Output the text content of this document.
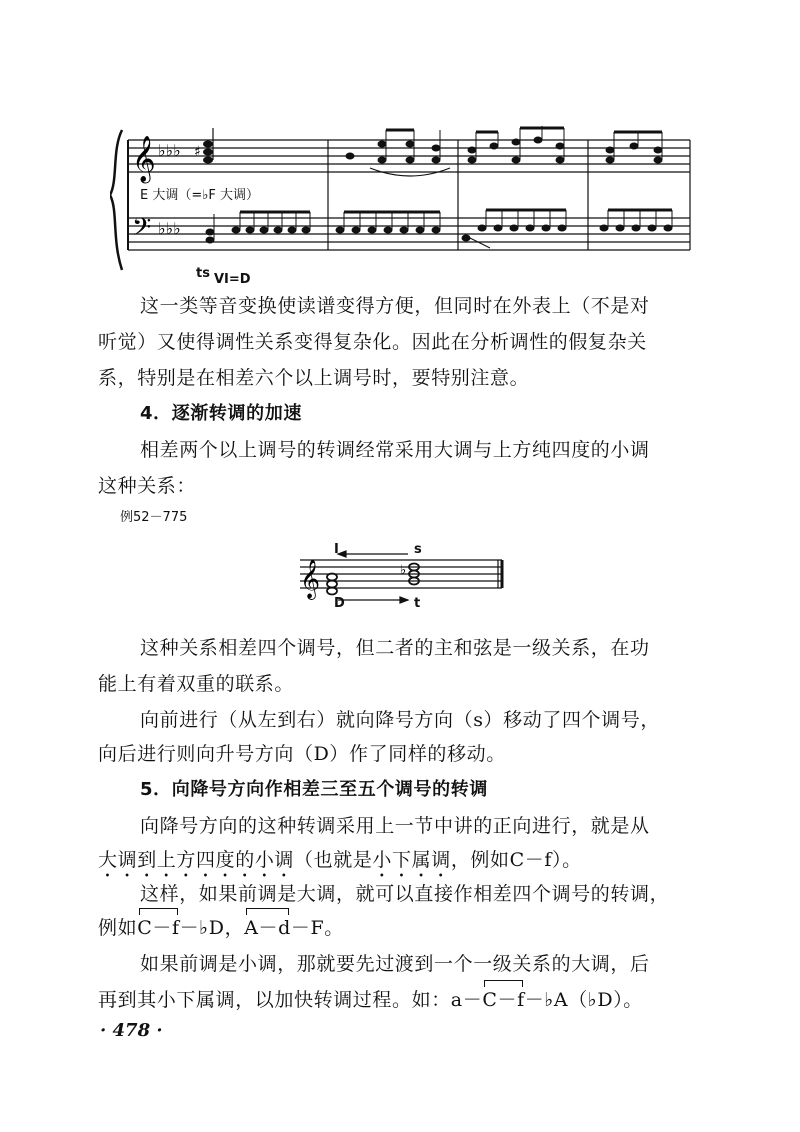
𝄞
𝄢
♭♭♭
♭♭♭
♯
E 大调（=♭F 大调）
ts VI=D
这一类等音变换使读谱变得方便，但同时在外表上（不是对
听觉）又使得调性关系变得复杂化。因此在分析调性的假复杂关
系，特别是在相差六个以上调号时，要特别注意。
4．逐渐转调的加速
相差两个以上调号的转调经常采用大调与上方纯四度的小调
这种关系：
例52－775
𝄞	♭
I	s
D	t
这种关系相差四个调号，但二者的主和弦是一级关系，在功
能上有着双重的联系。
向前进行（从左到右）就向降号方向（s）移动了四个调号，
向后进行则向升号方向（D）作了同样的移动。
5．向降号方向作相差三至五个调号的转调
向降号方向的这种转调采用上一节中讲的正向进行，就是从
大调到上方四度的小调（也就是小下属调，例如C－f）。
这样，如果前调是大调，就可以直接作相差四个调号的转调，
例如C－f－♭D，A－d－F。
如果前调是小调，那就要先过渡到一个一级关系的大调，后
再到其小下属调，以加快转调过程。如：a－C－f－♭A（♭D）。
· 478 ·
